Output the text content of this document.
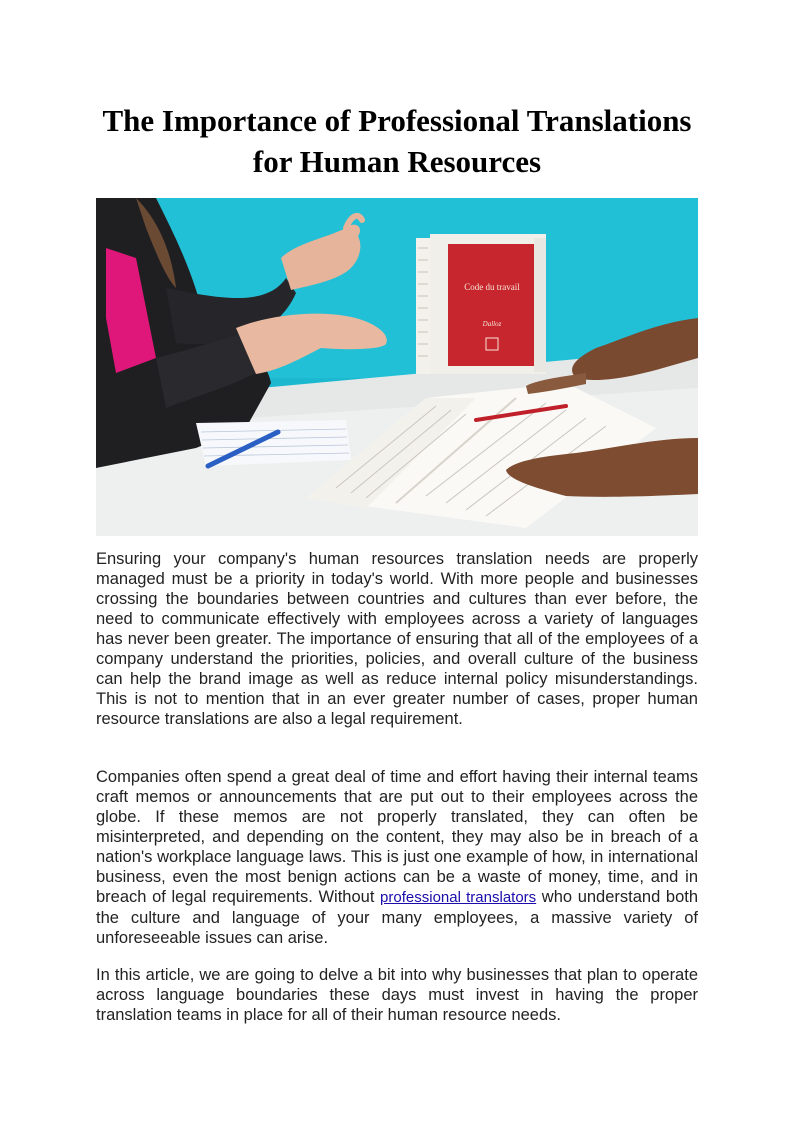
The Importance of Professional Translations
for Human Resources
Code du travail
Dalloz

Ensuring your company's human resources translation needs are properly managed must be a priority in today's world. With more people and businesses crossing the boundaries between countries and cultures than ever before, the need to communicate effectively with employees across a variety of languages has never been greater. The importance of ensuring that all of the employees of a company understand the priorities, policies, and overall culture of the business can help the brand image as well as reduce internal policy misunderstandings. This is not to mention that in an ever greater number of cases, proper human resource translations are also a legal requirement.

Companies often spend a great deal of time and effort having their internal teams craft memos or announcements that are put out to their employees across the globe. If these memos are not properly translated, they can often be misinterpreted, and depending on the content, they may also be in breach of a nation's workplace language laws. This is just one example of how, in international business, even the most benign actions can be a waste of money, time, and in breach of legal requirements. Without professional translators who understand both the culture and language of your many employees, a massive variety of unforeseeable issues can arise.

In this article, we are going to delve a bit into why businesses that plan to operate across language boundaries these days must invest in having the proper translation teams in place for all of their human resource needs.
